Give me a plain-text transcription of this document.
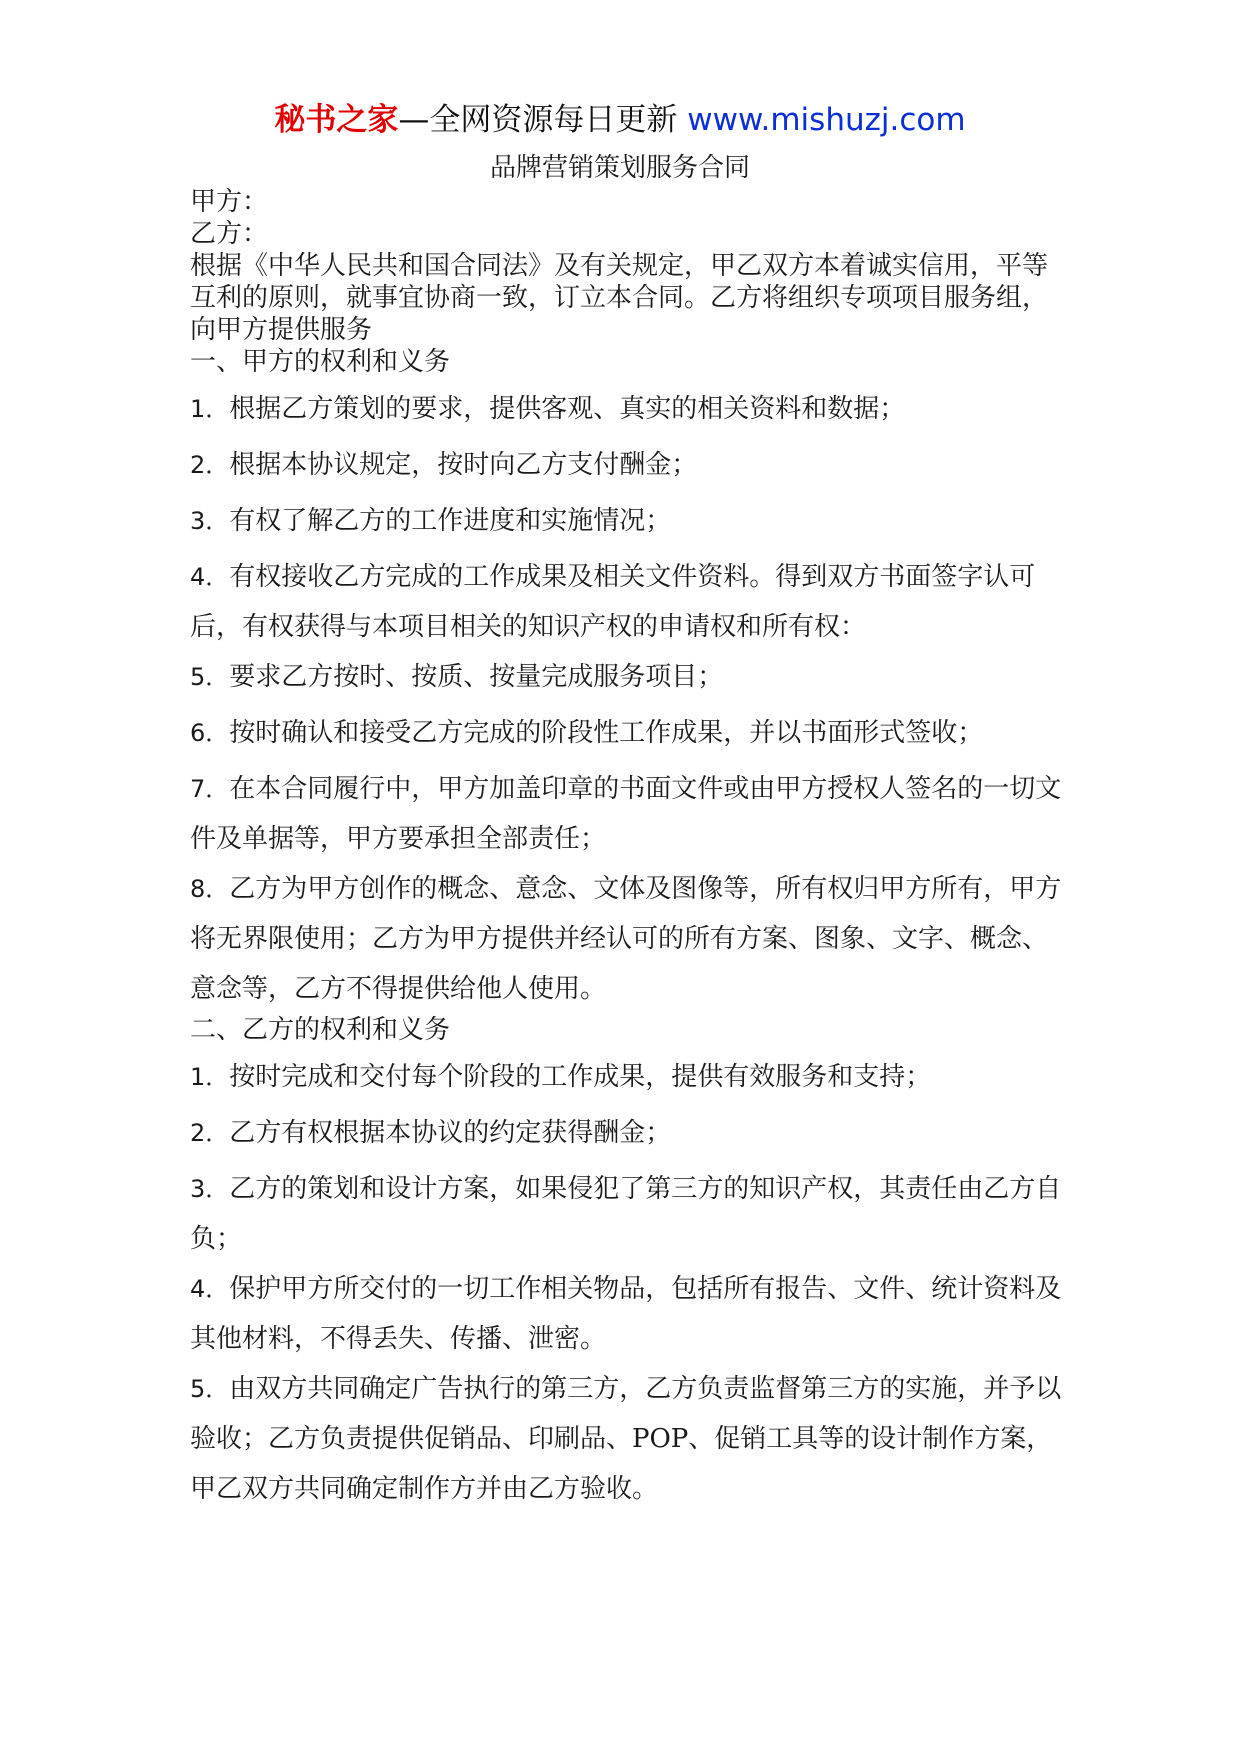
秘书之家—全网资源每日更新 www.mishuzj.com
品牌营销策划服务合同

甲方：

乙方：

根据《中华人民共和国合同法》及有关规定，甲乙双方本着诚实信用，平等互利的原则，就事宜协商一致，订立本合同。乙方将组织专项项目服务组，向甲方提供服务

一、甲方的权利和义务

1．根据乙方策划的要求，提供客观、真实的相关资料和数据；

2．根据本协议规定，按时向乙方支付酬金；

3．有权了解乙方的工作进度和实施情况；

4．有权接收乙方完成的工作成果及相关文件资料。得到双方书面签字认可后，有权获得与本项目相关的知识产权的申请权和所有权：

5．要求乙方按时、按质、按量完成服务项目；

6．按时确认和接受乙方完成的阶段性工作成果，并以书面形式签收；

7．在本合同履行中，甲方加盖印章的书面文件或由甲方授权人签名的一切文件及单据等，甲方要承担全部责任；

8．乙方为甲方创作的概念、意念、文体及图像等，所有权归甲方所有，甲方将无界限使用；乙方为甲方提供并经认可的所有方案、图象、文字、概念、意念等，乙方不得提供给他人使用。

二、乙方的权利和义务

1．按时完成和交付每个阶段的工作成果，提供有效服务和支持；

2．乙方有权根据本协议的约定获得酬金；

3．乙方的策划和设计方案，如果侵犯了第三方的知识产权，其责任由乙方自负；

4．保护甲方所交付的一切工作相关物品，包括所有报告、文件、统计资料及其他材料，不得丢失、传播、泄密。

5．由双方共同确定广告执行的第三方，乙方负责监督第三方的实施，并予以验收；乙方负责提供促销品、印刷品、POP、促销工具等的设计制作方案，甲乙双方共同确定制作方并由乙方验收。
